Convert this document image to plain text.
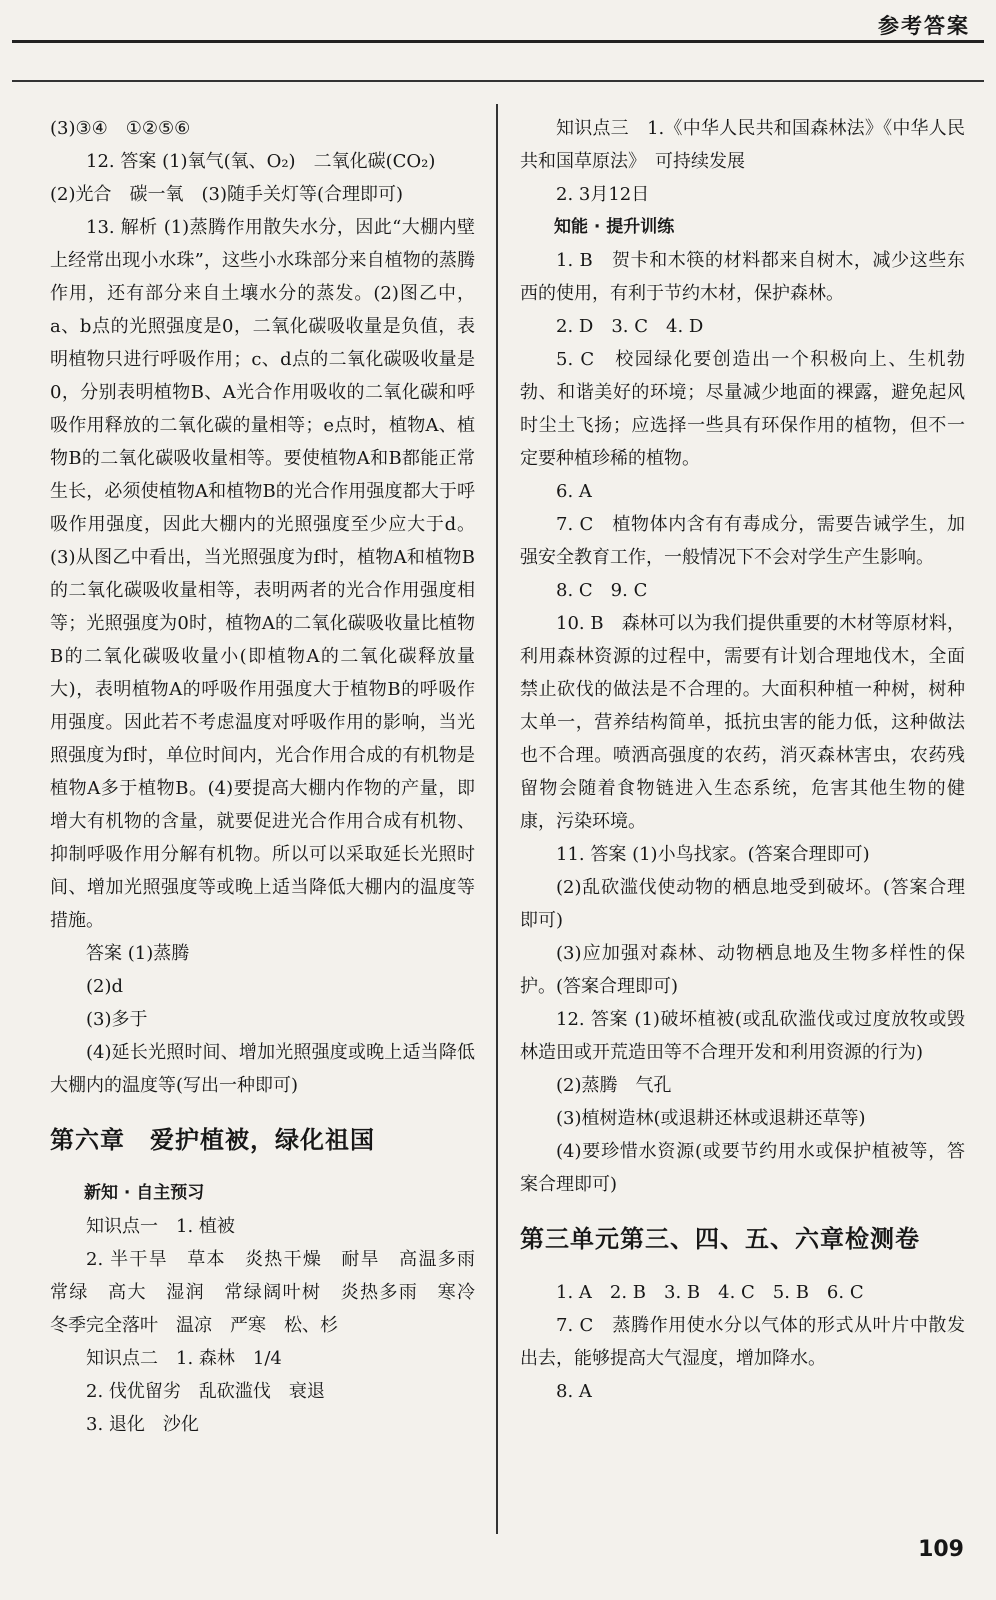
参考答案

(3)③④　①②⑤⑥

12. 答案 (1)氧气(氧、O₂)　二氧化碳(CO₂)

(2)光合　碳一氧　(3)随手关灯等(合理即可)

13. 解析 (1)蒸腾作用散失水分，因此“大棚内壁上经常出现小水珠”，这些小水珠部分来自植物的蒸腾作用，还有部分来自土壤水分的蒸发。(2)图乙中，a、b点的光照强度是0，二氧化碳吸收量是负值，表明植物只进行呼吸作用；c、d点的二氧化碳吸收量是0，分别表明植物B、A光合作用吸收的二氧化碳和呼吸作用释放的二氧化碳的量相等；e点时，植物A、植物B的二氧化碳吸收量相等。要使植物A和B都能正常生长，必须使植物A和植物B的光合作用强度都大于呼吸作用强度，因此大棚内的光照强度至少应大于d。(3)从图乙中看出，当光照强度为f时，植物A和植物B的二氧化碳吸收量相等，表明两者的光合作用强度相等；光照强度为0时，植物A的二氧化碳吸收量比植物B的二氧化碳吸收量小(即植物A的二氧化碳释放量大)，表明植物A的呼吸作用强度大于植物B的呼吸作用强度。因此若不考虑温度对呼吸作用的影响，当光照强度为f时，单位时间内，光合作用合成的有机物是植物A多于植物B。(4)要提高大棚内作物的产量，即增大有机物的含量，就要促进光合作用合成有机物、抑制呼吸作用分解有机物。所以可以采取延长光照时间、增加光照强度等或晚上适当降低大棚内的温度等措施。

答案 (1)蒸腾

(2)d

(3)多于

(4)延长光照时间、增加光照强度或晚上适当降低大棚内的温度等(写出一种即可)

第六章　爱护植被，绿化祖国

新知 · 自主预习

知识点一　1. 植被

2. 半干旱　草本　炎热干燥　耐旱　高温多雨　常绿　高大　湿润　常绿阔叶树　炎热多雨　寒冷　冬季完全落叶　温凉　严寒　松、杉

知识点二　1. 森林　1/4

2. 伐优留劣　乱砍滥伐　衰退

3. 退化　沙化

知识点三　1.《中华人民共和国森林法》《中华人民共和国草原法》　可持续发展

2. 3月12日

知能 · 提升训练

1. B　贺卡和木筷的材料都来自树木，减少这些东西的使用，有利于节约木材，保护森林。

2. D　3. C　4. D

5. C　校园绿化要创造出一个积极向上、生机勃勃、和谐美好的环境；尽量减少地面的裸露，避免起风时尘土飞扬；应选择一些具有环保作用的植物，但不一定要种植珍稀的植物。

6. A

7. C　植物体内含有有毒成分，需要告诫学生，加强安全教育工作，一般情况下不会对学生产生影响。

8. C　9. C

10. B　森林可以为我们提供重要的木材等原材料，利用森林资源的过程中，需要有计划合理地伐木，全面禁止砍伐的做法是不合理的。大面积种植一种树，树种太单一，营养结构简单，抵抗虫害的能力低，这种做法也不合理。喷洒高强度的农药，消灭森林害虫，农药残留物会随着食物链进入生态系统，危害其他生物的健康，污染环境。

11. 答案 (1)小鸟找家。(答案合理即可)

(2)乱砍滥伐使动物的栖息地受到破坏。(答案合理即可)

(3)应加强对森林、动物栖息地及生物多样性的保护。(答案合理即可)

12. 答案 (1)破坏植被(或乱砍滥伐或过度放牧或毁林造田或开荒造田等不合理开发和利用资源的行为)

(2)蒸腾　气孔

(3)植树造林(或退耕还林或退耕还草等)

(4)要珍惜水资源(或要节约用水或保护植被等，答案合理即可)

第三单元第三、四、五、六章检测卷

1. A　2. B　3. B　4. C　5. B　6. C

7. C　蒸腾作用使水分以气体的形式从叶片中散发出去，能够提高大气湿度，增加降水。

8. A

109
